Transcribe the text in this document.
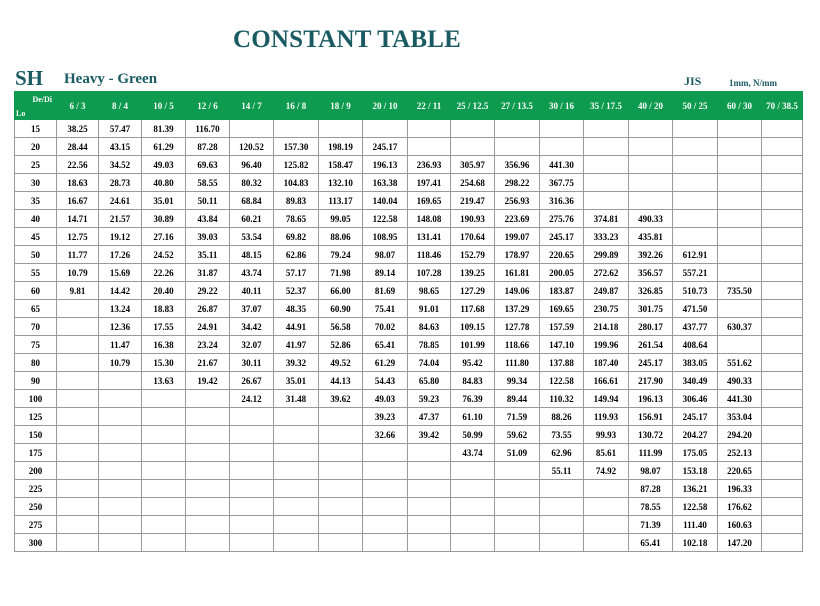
CONSTANT TABLE
SH Heavy - Green	JIS	1mm, N/mm
De/Di
Lo	6 / 3	8 / 4	10 / 5	12 / 6	14 / 7	16 / 8	18 / 9	20 / 10	22 / 11	25 / 12.5	27 / 13.5	30 / 16	35 / 17.5	40 / 20	50 / 25	60 / 30	70 / 38.5
15	38.25	57.47	81.39	116.70													
20	28.44	43.15	61.29	87.28	120.52	157.30	198.19	245.17									
25	22.56	34.52	49.03	69.63	96.40	125.82	158.47	196.13	236.93	305.97	356.96	441.30					
30	18.63	28.73	40.80	58.55	80.32	104.83	132.10	163.38	197.41	254.68	298.22	367.75					
35	16.67	24.61	35.01	50.11	68.84	89.83	113.17	140.04	169.65	219.47	256.93	316.36					
40	14.71	21.57	30.89	43.84	60.21	78.65	99.05	122.58	148.08	190.93	223.69	275.76	374.81	490.33			
45	12.75	19.12	27.16	39.03	53.54	69.82	88.06	108.95	131.41	170.64	199.07	245.17	333.23	435.81			
50	11.77	17.26	24.52	35.11	48.15	62.86	79.24	98.07	118.46	152.79	178.97	220.65	299.89	392.26	612.91		
55	10.79	15.69	22.26	31.87	43.74	57.17	71.98	89.14	107.28	139.25	161.81	200.05	272.62	356.57	557.21		
60	9.81	14.42	20.40	29.22	40.11	52.37	66.00	81.69	98.65	127.29	149.06	183.87	249.87	326.85	510.73	735.50	
65		13.24	18.83	26.87	37.07	48.35	60.90	75.41	91.01	117.68	137.29	169.65	230.75	301.75	471.50		
70		12.36	17.55	24.91	34.42	44.91	56.58	70.02	84.63	109.15	127.78	157.59	214.18	280.17	437.77	630.37	
75		11.47	16.38	23.24	32.07	41.97	52.86	65.41	78.85	101.99	118.66	147.10	199.96	261.54	408.64		
80		10.79	15.30	21.67	30.11	39.32	49.52	61.29	74.04	95.42	111.80	137.88	187.40	245.17	383.05	551.62	
90			13.63	19.42	26.67	35.01	44.13	54.43	65.80	84.83	99.34	122.58	166.61	217.90	340.49	490.33	
100					24.12	31.48	39.62	49.03	59.23	76.39	89.44	110.32	149.94	196.13	306.46	441.30	
125								39.23	47.37	61.10	71.59	88.26	119.93	156.91	245.17	353.04	
150								32.66	39.42	50.99	59.62	73.55	99.93	130.72	204.27	294.20	
175										43.74	51.09	62.96	85.61	111.99	175.05	252.13	
200												55.11	74.92	98.07	153.18	220.65	
225														87.28	136.21	196.33	
250														78.55	122.58	176.62	
275														71.39	111.40	160.63	
300														65.41	102.18	147.20	
